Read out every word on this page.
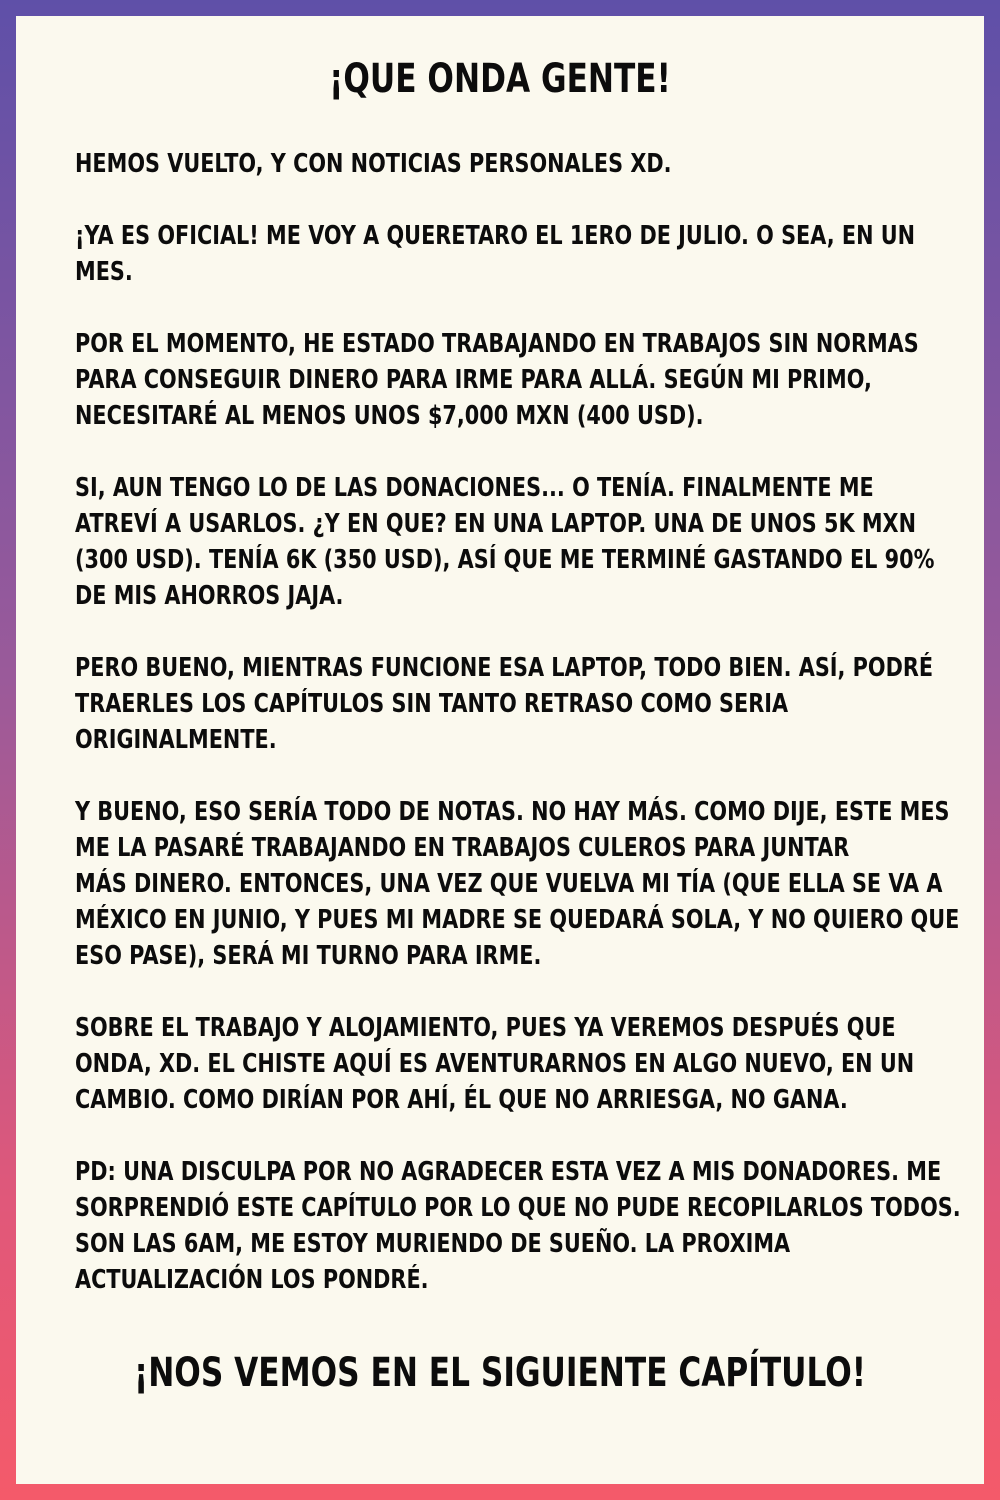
¡QUE ONDA GENTE!
HEMOS VUELTO, Y CON NOTICIAS PERSONALES XD.
¡YA ES OFICIAL! ME VOY A QUERETARO EL 1ERO DE JULIO. O SEA, EN UN
MES.
POR EL MOMENTO, HE ESTADO TRABAJANDO EN TRABAJOS SIN NORMAS
PARA CONSEGUIR DINERO PARA IRME PARA ALLÁ. SEGÚN MI PRIMO,
NECESITARÉ AL MENOS UNOS $7,000 MXN (400 USD).
SI, AUN TENGO LO DE LAS DONACIONES... O TENÍA. FINALMENTE ME
ATREVÍ A USARLOS. ¿Y EN QUE? EN UNA LAPTOP. UNA DE UNOS 5K MXN
(300 USD). TENÍA 6K (350 USD), ASÍ QUE ME TERMINÉ GASTANDO EL 90%
DE MIS AHORROS JAJA.
PERO BUENO, MIENTRAS FUNCIONE ESA LAPTOP, TODO BIEN. ASÍ, PODRÉ
TRAERLES LOS CAPÍTULOS SIN TANTO RETRASO COMO SERIA
ORIGINALMENTE.
Y BUENO, ESO SERÍA TODO DE NOTAS. NO HAY MÁS. COMO DIJE, ESTE MES
ME LA PASARÉ TRABAJANDO EN TRABAJOS CULEROS PARA JUNTAR
MÁS DINERO. ENTONCES, UNA VEZ QUE VUELVA MI TÍA (QUE ELLA SE VA A
MÉXICO EN JUNIO, Y PUES MI MADRE SE QUEDARÁ SOLA, Y NO QUIERO QUE
ESO PASE), SERÁ MI TURNO PARA IRME.
SOBRE EL TRABAJO Y ALOJAMIENTO, PUES YA VEREMOS DESPUÉS QUE
ONDA, XD. EL CHISTE AQUÍ ES AVENTURARNOS EN ALGO NUEVO, EN UN
CAMBIO. COMO DIRÍAN POR AHÍ, ÉL QUE NO ARRIESGA, NO GANA.
PD: UNA DISCULPA POR NO AGRADECER ESTA VEZ A MIS DONADORES. ME
SORPRENDIÓ ESTE CAPÍTULO POR LO QUE NO PUDE RECOPILARLOS TODOS.
SON LAS 6AM, ME ESTOY MURIENDO DE SUEÑO. LA PROXIMA
ACTUALIZACIÓN LOS PONDRÉ.
¡NOS VEMOS EN EL SIGUIENTE CAPÍTULO!
